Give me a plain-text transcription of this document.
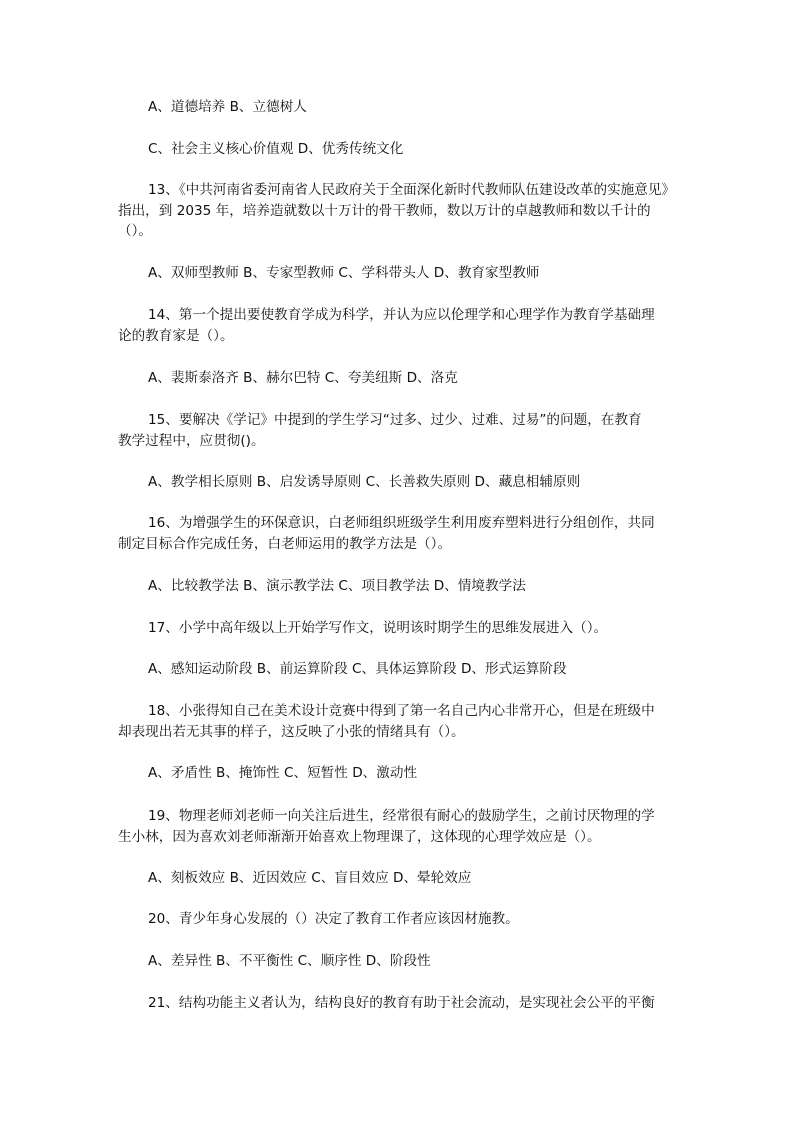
A、道德培养 B、立德树人
C、社会主义核心价值观 D、优秀传统文化
13、《中共河南省委河南省人民政府关于全面深化新时代教师队伍建设改革的实施意见》
指出，到 2035 年，培养造就数以十万计的骨干教师，数以万计的卓越教师和数以千计的
（）。
A、双师型教师 B、专家型教师 C、学科带头人 D、教育家型教师
14、第一个提出要使教育学成为科学，并认为应以伦理学和心理学作为教育学基础理
论的教育家是（）。
A、裴斯泰洛齐 B、赫尔巴特 C、夸美纽斯 D、洛克
15、要解决《学记》中提到的学生学习“过多、过少、过难、过易”的问题，在教育
教学过程中，应贯彻()。
A、教学相长原则 B、启发诱导原则 C、长善救失原则 D、藏息相辅原则
16、为增强学生的环保意识，白老师组织班级学生利用废弃塑料进行分组创作，共同
制定目标合作完成任务，白老师运用的教学方法是（）。
A、比较教学法 B、演示教学法 C、项目教学法 D、情境教学法
17、小学中高年级以上开始学写作文，说明该时期学生的思维发展进入（）。
A、感知运动阶段 B、前运算阶段 C、具体运算阶段 D、形式运算阶段
18、小张得知自己在美术设计竞赛中得到了第一名自己内心非常开心，但是在班级中
却表现出若无其事的样子，这反映了小张的情绪具有（）。
A、矛盾性 B、掩饰性 C、短暂性 D、激动性
19、物理老师刘老师一向关注后进生，经常很有耐心的鼓励学生，之前讨厌物理的学
生小林，因为喜欢刘老师渐渐开始喜欢上物理课了，这体现的心理学效应是（）。
A、刻板效应 B、近因效应 C、盲目效应 D、晕轮效应
20、青少年身心发展的（）决定了教育工作者应该因材施教。
A、差异性 B、不平衡性 C、顺序性 D、阶段性
21、结构功能主义者认为，结构良好的教育有助于社会流动，是实现社会公平的平衡
